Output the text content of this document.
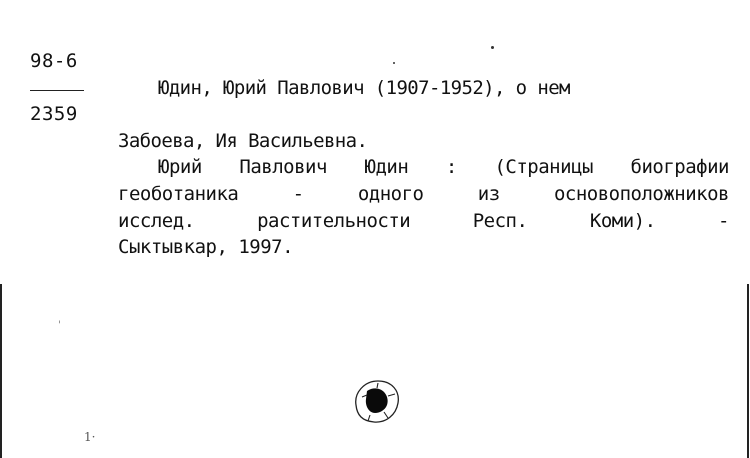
98-6
2359
Юдин, Юрий Павлович (1907-1952), о нем
Забоева, Ия Васильевна.
Юрий Павлович Юдин : (Страницы биографии
геоботаника	-	одного	из	основоположников
исслед.	растительности	Респ.	Коми).	-
Сыктывкар, 1997.
'
1·
